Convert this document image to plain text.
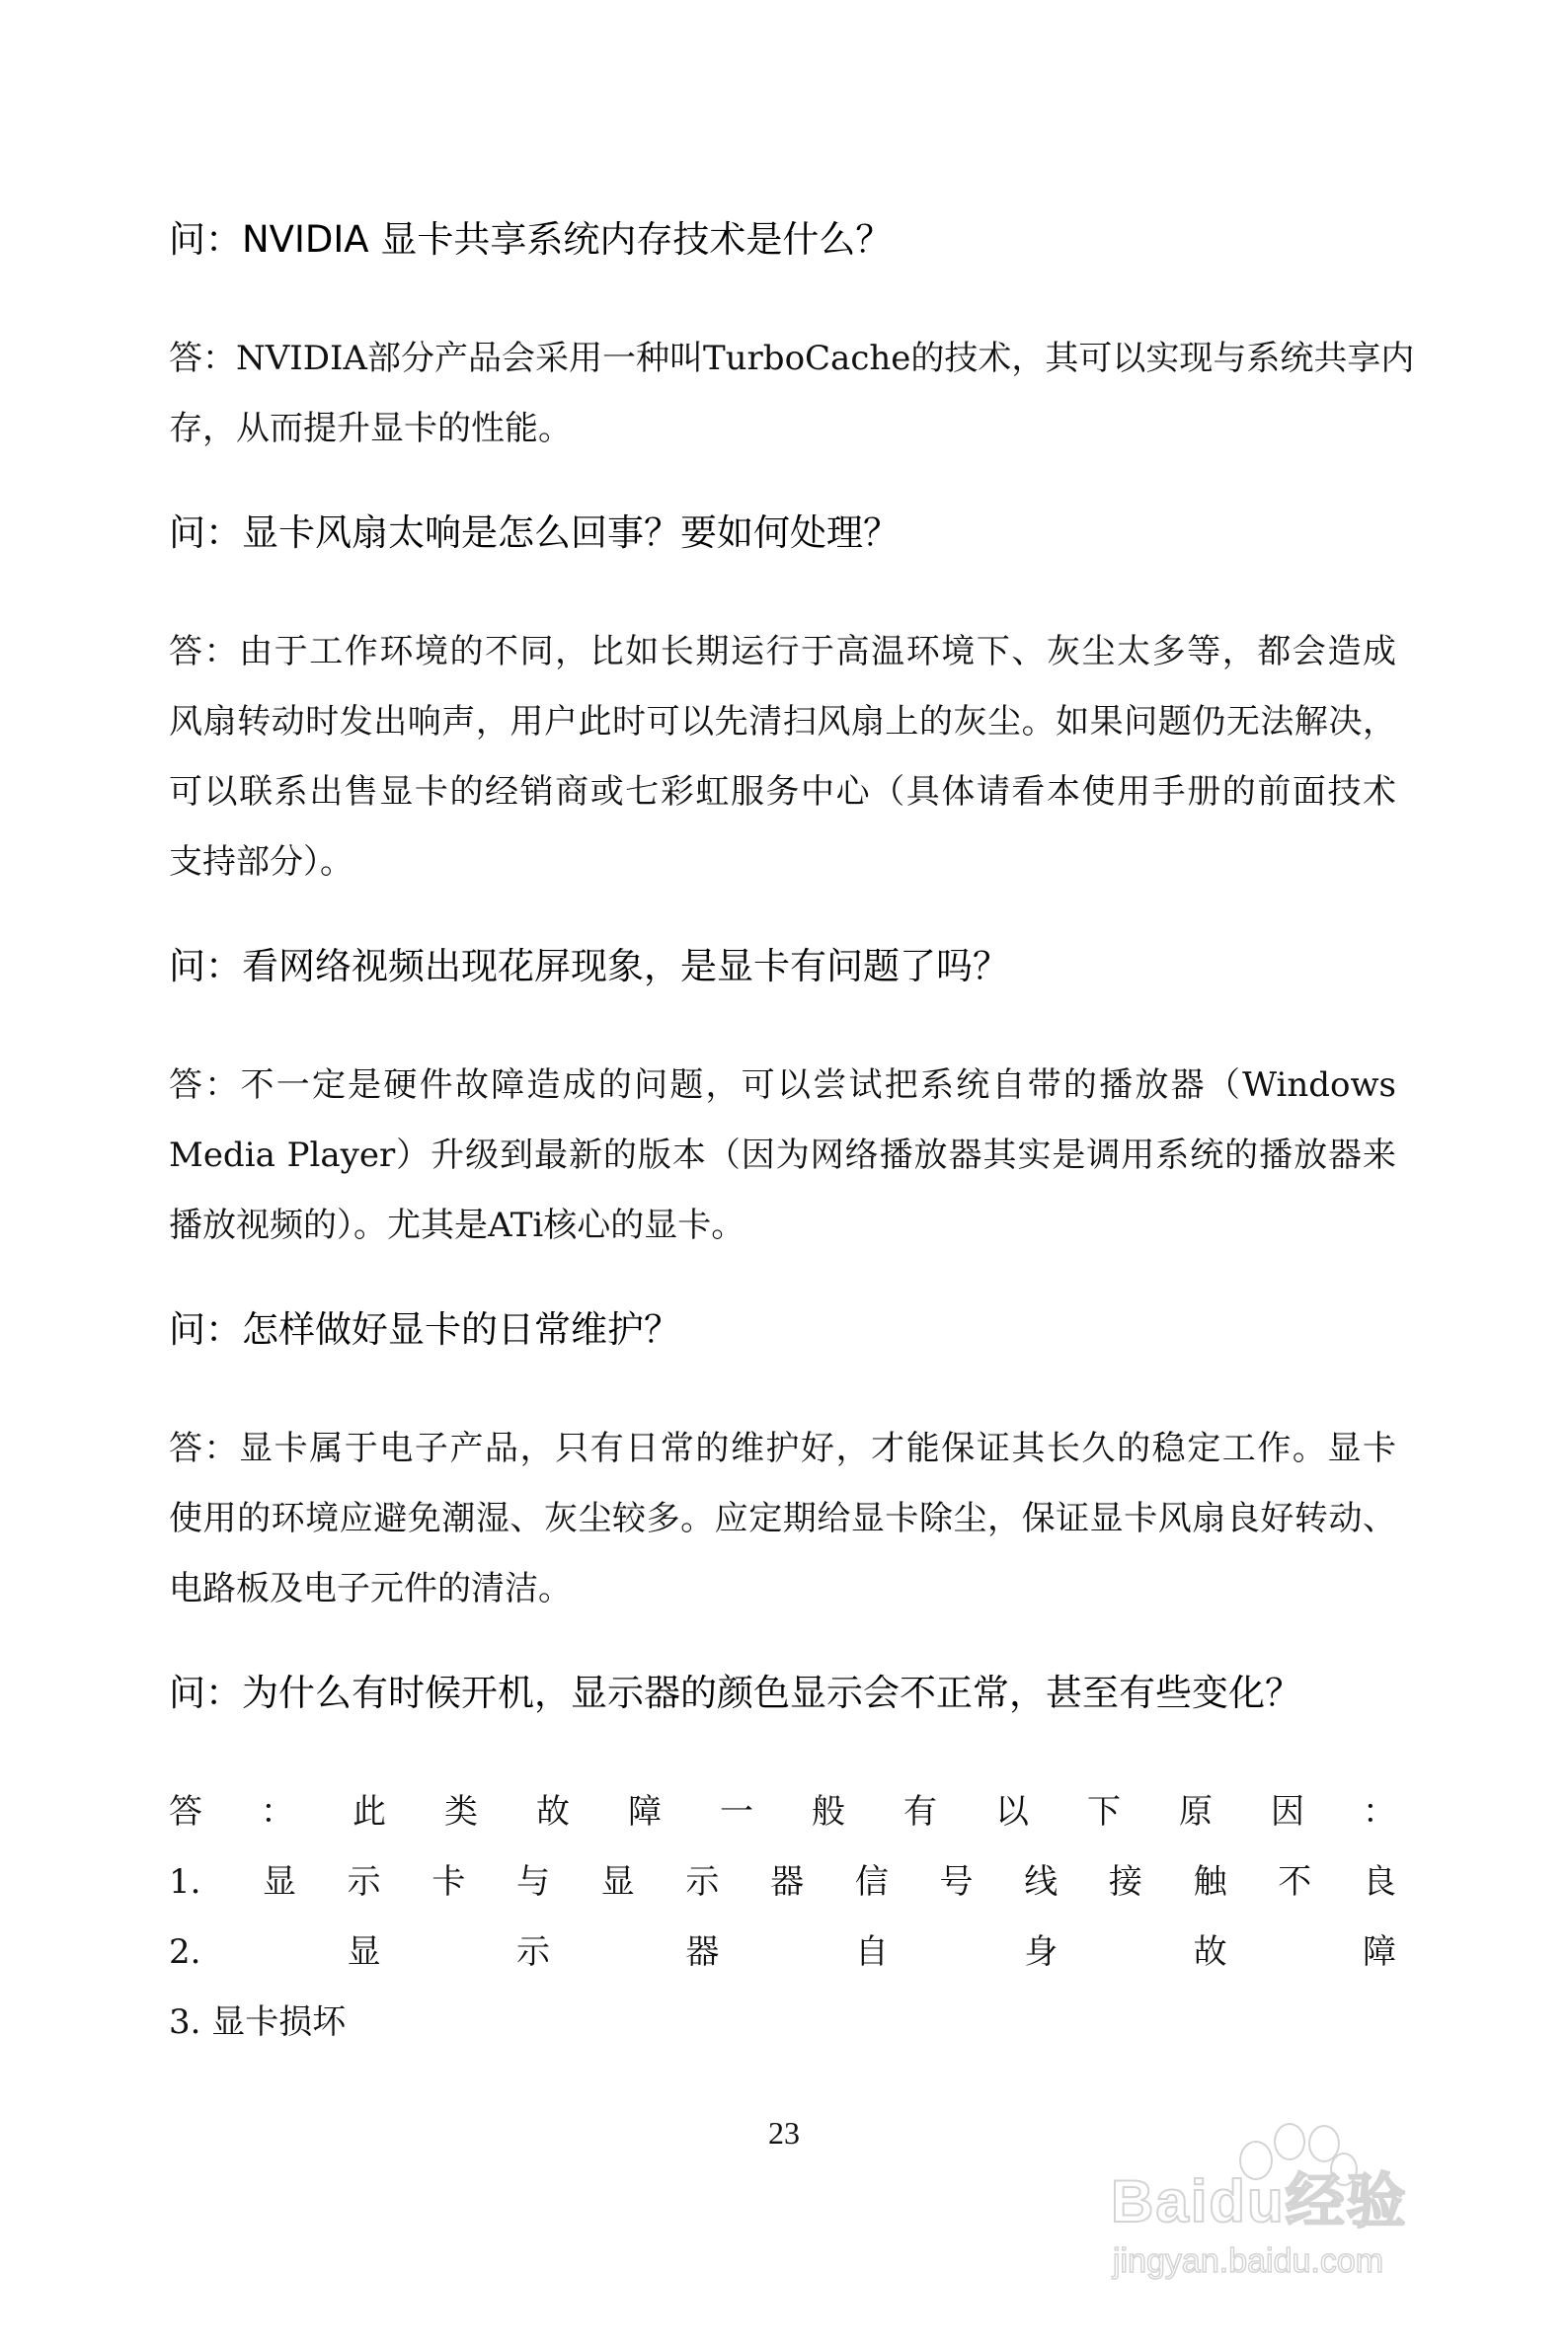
问：NVIDIA 显卡共享系统内存技术是什么？
答：NVIDIA部分产品会采用一种叫TurboCache的技术，其可以实现与系统共享内
存，从而提升显卡的性能。
问：显卡风扇太响是怎么回事？要如何处理？
答：由于工作环境的不同，比如长期运行于高温环境下、灰尘太多等，都会造成
风扇转动时发出响声，用户此时可以先清扫风扇上的灰尘。如果问题仍无法解决，
可以联系出售显卡的经销商或七彩虹服务中心（具体请看本使用手册的前面技术
支持部分）。
问：看网络视频出现花屏现象，是显卡有问题了吗？
答：不一定是硬件故障造成的问题，可以尝试把系统自带的播放器（Windows
Media Player）升级到最新的版本（因为网络播放器其实是调用系统的播放器来
播放视频的）。尤其是ATi核心的显卡。
问：怎样做好显卡的日常维护？
答：显卡属于电子产品，只有日常的维护好，才能保证其长久的稳定工作。显卡
使用的环境应避免潮湿、灰尘较多。应定期给显卡除尘，保证显卡风扇良好转动、
电路板及电子元件的清洁。
问：为什么有时候开机，显示器的颜色显示会不正常，甚至有些变化？
答：此类故障一般有以下原因：
1. 显示卡与显示器信号线接触不良
2. 显示器自身故障
3. 显卡损坏
23
Baidu经验
jingyan.baidu.com
